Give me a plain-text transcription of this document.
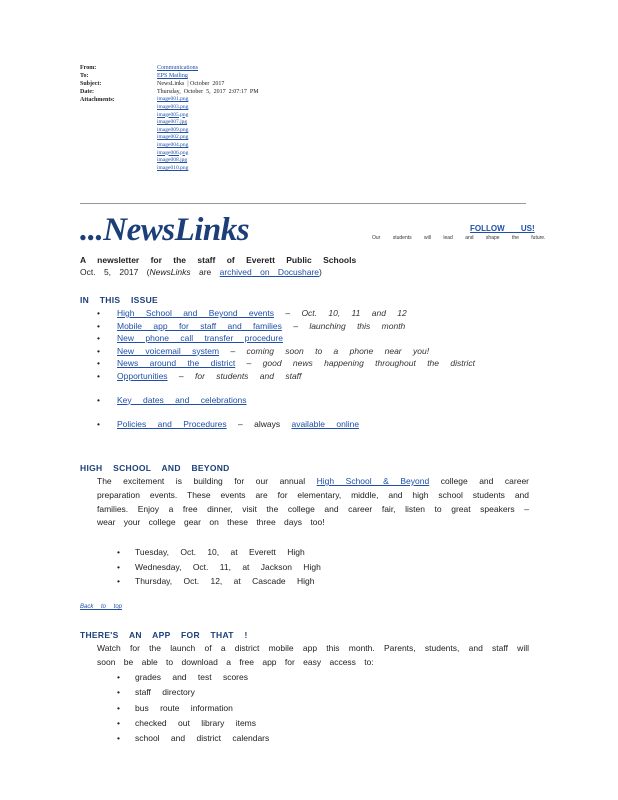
From:	Communications
To:	EPS Mailing
Subject:	NewsLinks  | October  2017
Date:	Thursday,  October  5,  2017  2:07:17  PM
Attachments:	image001.png
image003.png
image005.png
image007.jpg
image009.png
image002.png
image004.png
image006.png
image008.jpg
image010.png
...NewsLinks	FOLLOW US!
Our students will lead and shape the future.
A newsletter for the staff of Everett Public Schools
Oct. 5, 2017 (NewsLinks are archived on Docushare)
IN THIS ISSUE
• High School and Beyond events – Oct. 10, 11 and 12
• Mobile app for staff and families – launching this month
• New phone call transfer procedure
• New voicemail system – coming soon to a phone near you!
• News around the district – good news happening throughout the district
• Opportunities – for students and staff
• Key dates and celebrations
• Policies and Procedures – always available online
HIGH SCHOOL AND BEYOND
The excitement is building for our annual High School & Beyond college and career preparation events. These events are for elementary, middle, and high school students and families. Enjoy a free dinner, visit the college and career fair, listen to great speakers – wear your college gear on these three days too!
• Tuesday, Oct. 10, at Everett High
• Wednesday, Oct. 11, at Jackson High
• Thursday, Oct. 12, at Cascade High
Back to top
THERE'S AN APP FOR THAT !
Watch for the launch of a district mobile app this month. Parents, students, and staff will soon be able to download a free app for easy access to:
• grades and test scores
• staff directory
• bus route information
• checked out library items
• school and district calendars
